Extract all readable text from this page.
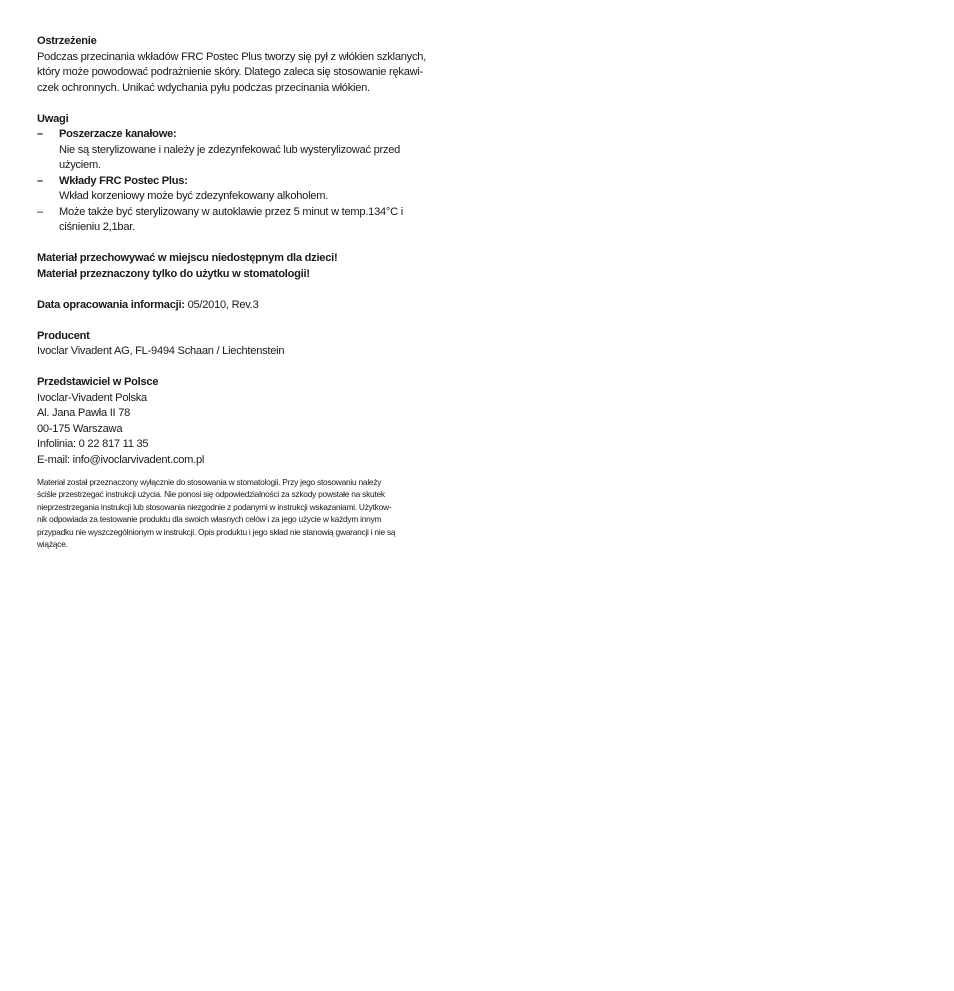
Ostrzeżenie

Podczas przecinania wkładów FRC Postec Plus tworzy się pył z włókien szklanych,

który może powodować podrażnienie skóry. Dlatego zaleca się stosowanie rękawi-

czek ochronnych. Unikać wdychania pyłu podczas przecinania włókien.

Uwagi

– Poszerzacze kanałowe:

Nie są sterylizowane i należy je zdezynfekować lub wysterylizować przed

użyciem.

– Wkłady FRC Postec Plus:

Wkład korzeniowy może być zdezynfekowany alkoholem.

– Może także być sterylizowany w autoklawie przez 5 minut w temp.134°C i

ciśnieniu 2,1bar.

Materiał przechowywać w miejscu niedostępnym dla dzieci!

Materiał przeznaczony tylko do użytku w stomatologii!

Data opracowania informacji: 05/2010, Rev.3

Producent

Ivoclar Vivadent AG, FL-9494 Schaan / Liechtenstein

Przedstawiciel w Polsce

Ivoclar-Vivadent Polska

Al. Jana Pawła II 78

00-175 Warszawa

Infolinia: 0 22 817 11 35

E-mail: info@ivoclarvivadent.com.pl

Materiał został przeznaczony wyłącznie do stosowania w stomatologii. Przy jego stosowaniu należy

ściśle przestrzegać instrukcji użycia. Nie ponosi się odpowiedzialności za szkody powstałe na skutek

nieprzestrzegania instrukcji lub stosowania niezgodnie z podanymi w instrukcji wskazaniami. Użytkow-

nik odpowiada za testowanie produktu dla swoich własnych celów i za jego użycie w każdym innym

przypadku nie wyszczególnionym w instrukcji. Opis produktu i jego skład nie stanowią gwarancji i nie są

wiążące.
